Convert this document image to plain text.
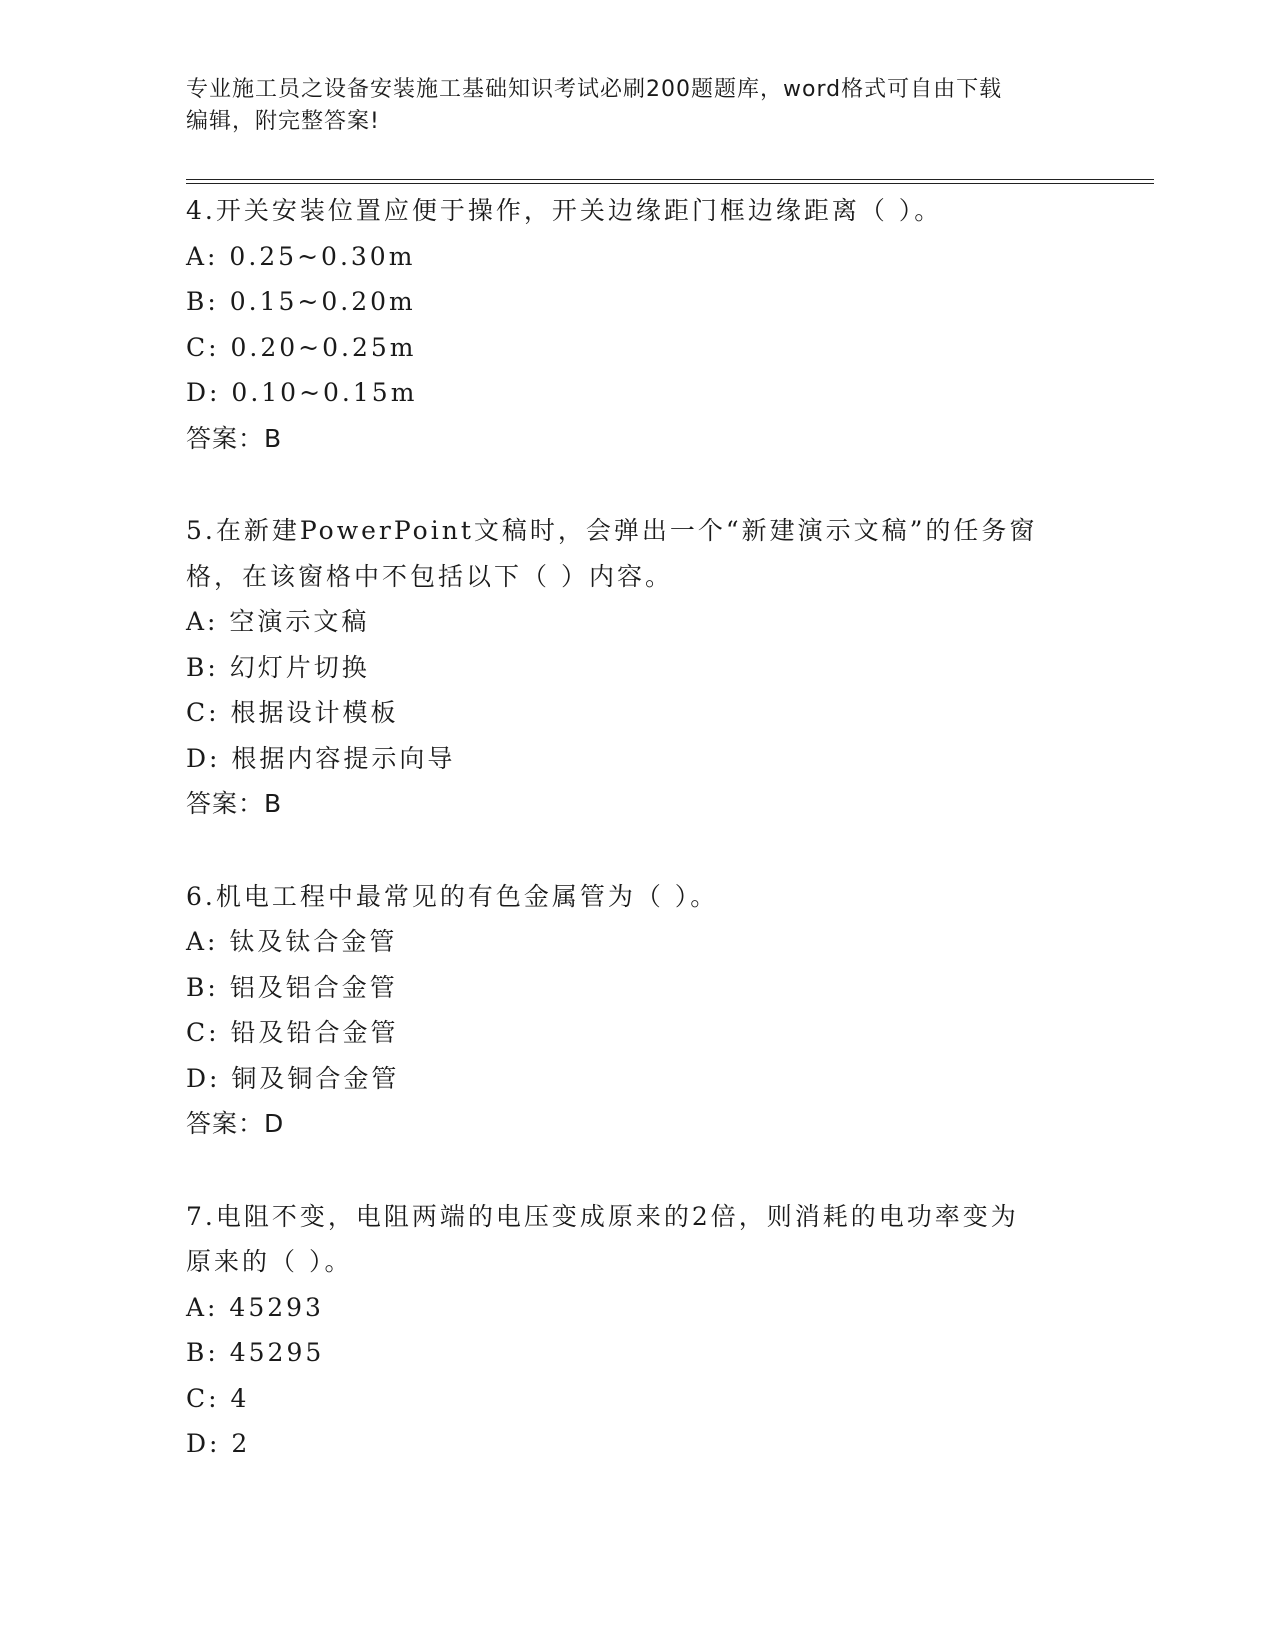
专业施工员之设备安装施工基础知识考试必刷200题题库，word格式可自由下载
编辑，附完整答案!
4.开关安装位置应便于操作，开关边缘距门框边缘距离（ ）。
A: 0.25~0.30m
B: 0.15~0.20m
C: 0.20~0.25m
D: 0.10~0.15m
答案：B
5.在新建PowerPoint文稿时，会弹出一个“新建演示文稿”的任务窗
格，在该窗格中不包括以下（ ）内容。
A: 空演示文稿
B: 幻灯片切换
C: 根据设计模板
D: 根据内容提示向导
答案：B
6.机电工程中最常见的有色金属管为（ ）。
A: 钛及钛合金管
B: 铝及铝合金管
C: 铅及铅合金管
D: 铜及铜合金管
答案：D
7.电阻不变，电阻两端的电压变成原来的2倍，则消耗的电功率变为
原来的（ ）。
A: 45293
B: 45295
C: 4
D: 2
